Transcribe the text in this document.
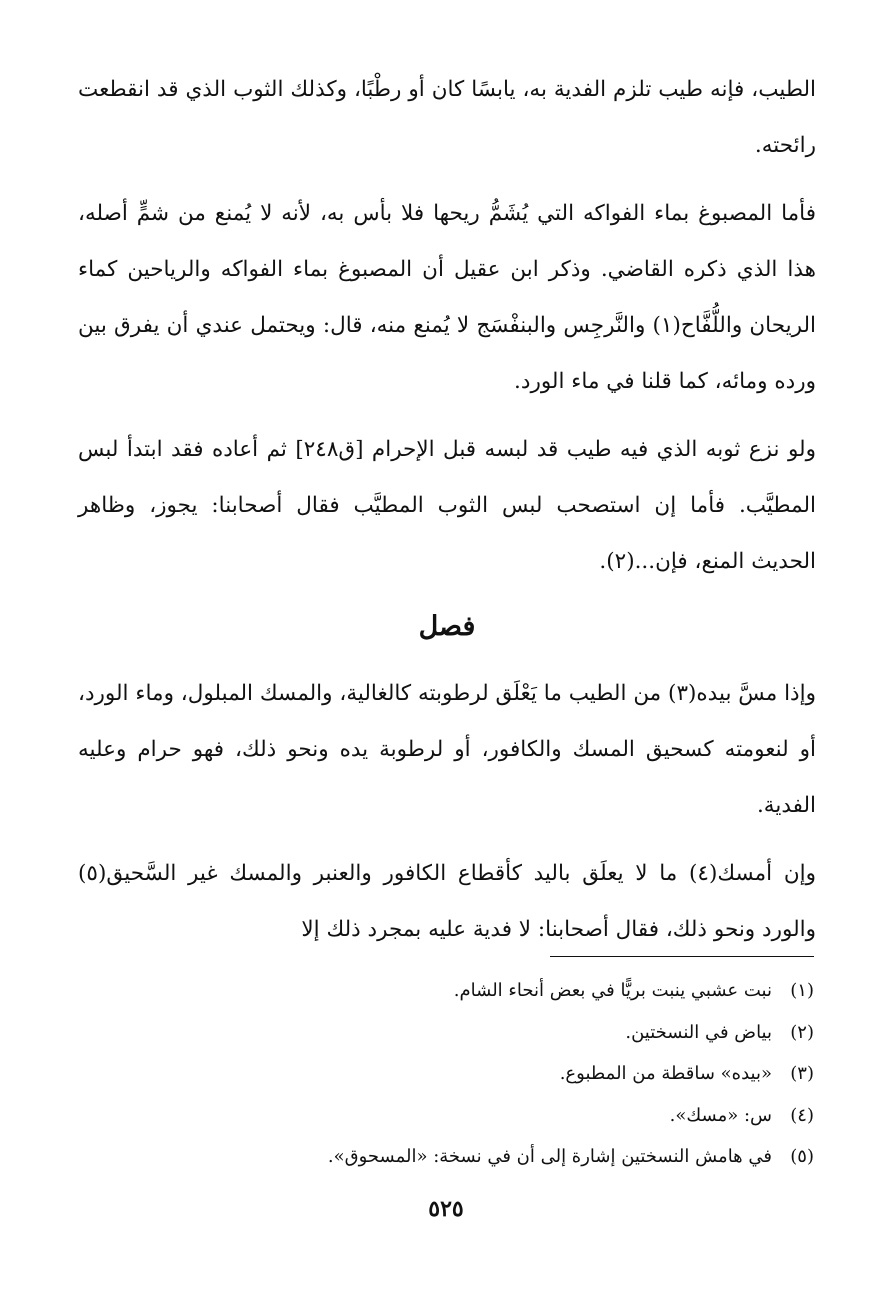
الطيب، فإنه طيب تلزم الفدية به، يابسًا كان أو رطْبًا، وكذلك الثوب الذي قد انقطعت رائحته.

فأما المصبوغ بماء الفواكه التي يُشَمُّ ريحها فلا بأس به، لأنه لا يُمنع من شمٍّ أصله، هذا الذي ذكره القاضي. وذكر ابن عقيل أن المصبوغ بماء الفواكه والرياحين كماء الريحان واللُّفَّاح(١) والنَّرجِس والبنفْسَج لا يُمنع منه، قال: ويحتمل عندي أن يفرق بين ورده ومائه، كما قلنا في ماء الورد.

ولو نزع ثوبه الذي فيه طيب قد لبسه قبل الإحرام [ق٢٤٨] ثم أعاده فقد ابتدأ لبس المطيَّب. فأما إن استصحب لبس الثوب المطيَّب فقال أصحابنا: يجوز، وظاهر الحديث المنع، فإن...(٢).

فصل

وإذا مسَّ بيده(٣) من الطيب ما يَعْلَق لرطوبته كالغالية، والمسك المبلول، وماء الورد، أو لنعومته كسحيق المسك والكافور، أو لرطوبة يده ونحو ذلك، فهو حرام وعليه الفدية.

وإن أمسك(٤) ما لا يعلَق باليد كأقطاع الكافور والعنبر والمسك غير السَّحيق(٥) والورد ونحو ذلك، فقال أصحابنا: لا فدية عليه بمجرد ذلك إلا

(١)
نبت عشبي ينبت بريًّا في بعض أنحاء الشام.
(٢)
بياض في النسختين.
(٣)
«بيده» ساقطة من المطبوع.
(٤)
س: «مسك».
(٥)
في هامش النسختين إشارة إلى أن في نسخة: «المسحوق».
٥٢٥
